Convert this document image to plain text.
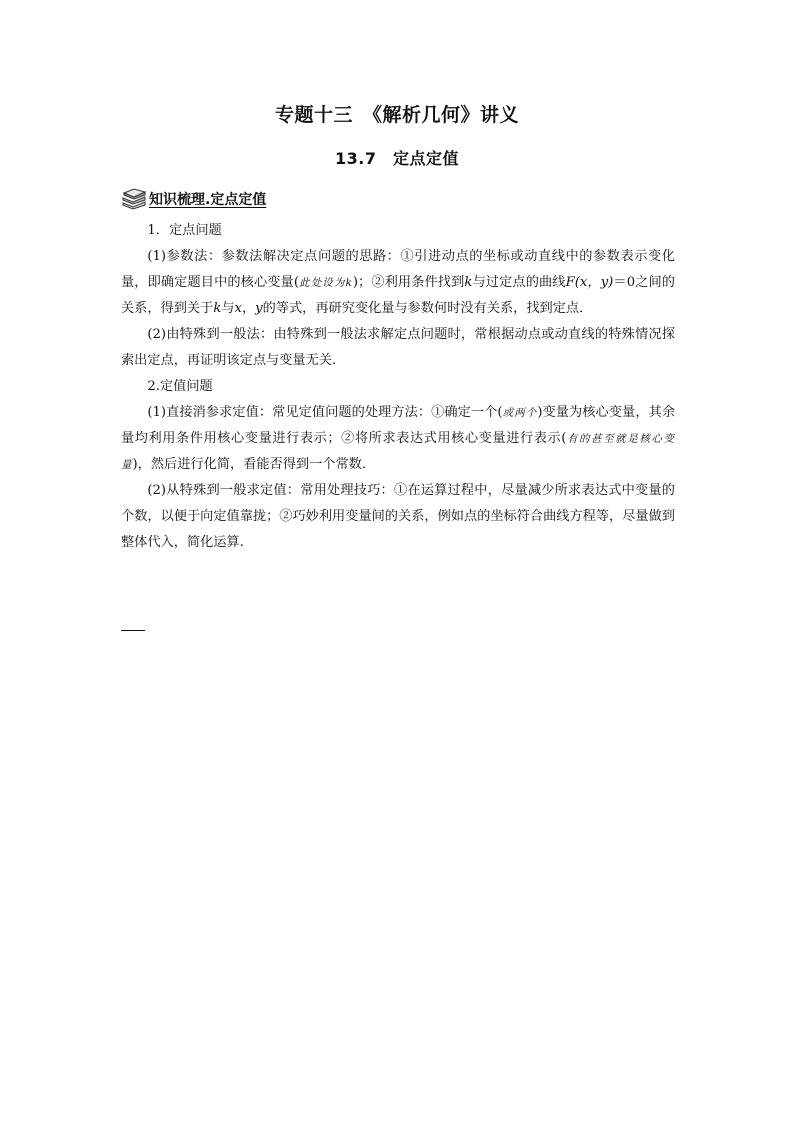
专题十三　《解析几何》讲义
13.7　定点定值
知识梳理.定点定值

1．定点问题

(1)参数法：参数法解决定点问题的思路：①引进动点的坐标或动直线中的参数表示变化量，即确定题目中的核心变量(此处设为k)；②利用条件找到k与过定点的曲线F(x，y)＝0之间的关系，得到关于k与x，y的等式，再研究变化量与参数何时没有关系，找到定点．

(2)由特殊到一般法：由特殊到一般法求解定点问题时，常根据动点或动直线的特殊情况探索出定点，再证明该定点与变量无关.

2.定值问题

(1)直接消参求定值：常见定值问题的处理方法：①确定一个(或两个)变量为核心变量，其余量均利用条件用核心变量进行表示；②将所求表达式用核心变量进行表示(有的甚至就是核心变量)，然后进行化简，看能否得到一个常数．

(2)从特殊到一般求定值：常用处理技巧：①在运算过程中，尽量减少所求表达式中变量的个数，以便于向定值靠拢；②巧妙利用变量间的关系，例如点的坐标符合曲线方程等，尽量做到整体代入，简化运算.
